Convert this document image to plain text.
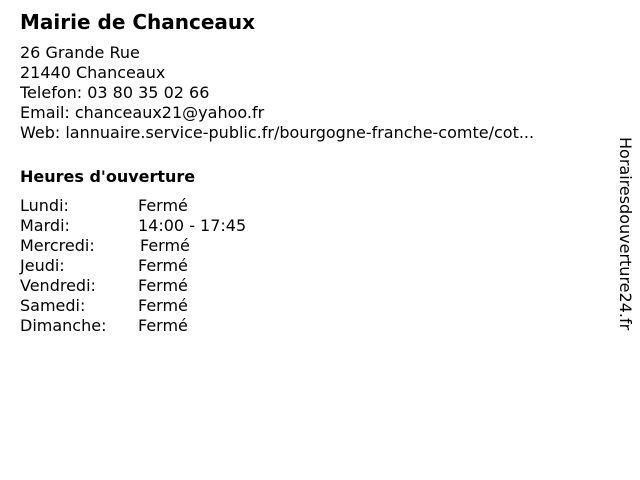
Mairie de Chanceaux
26 Grande Rue
21440 Chanceaux
Telefon: 03 80 35 02 66
Email: chanceaux21@yahoo.fr
Web: lannuaire.service-public.fr/bourgogne-franche-comte/cot...
Heures d'ouverture
Lundi:	Fermé
Mardi:	14:00 - 17:45
Mercredi:	Fermé
Jeudi:	Fermé
Vendredi:	Fermé
Samedi:	Fermé
Dimanche: Fermé	Horairesdouverture24.fr
